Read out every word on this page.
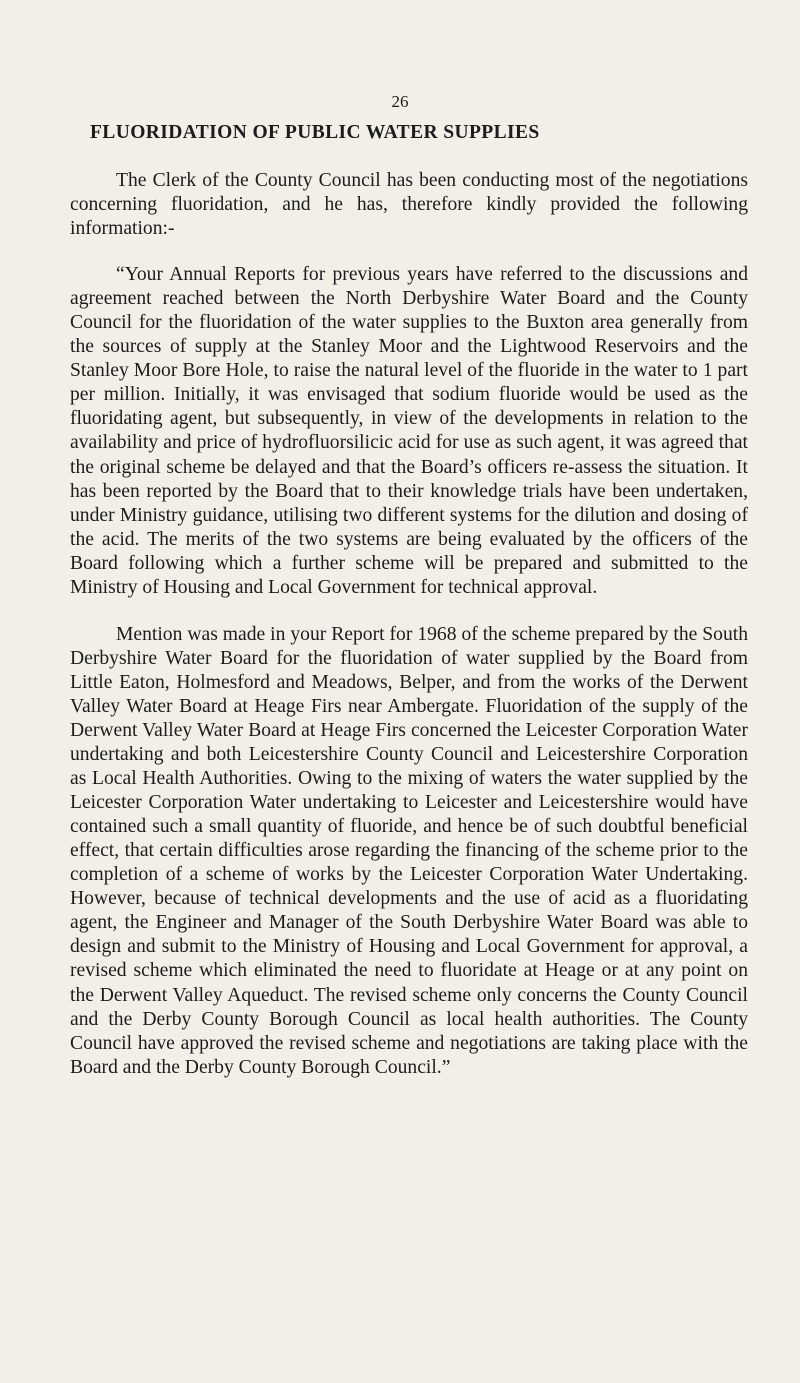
26

FLUORIDATION OF PUBLIC WATER SUPPLIES

The Clerk of the County Council has been conducting most of the negotiations concerning fluoridation, and he has, therefore kindly provided the following information:-

“Your Annual Reports for previous years have referred to the discussions and agreement reached between the North Derbyshire Water Board and the County Council for the fluoridation of the water supplies to the Buxton area generally from the sources of supply at the Stanley Moor and the Lightwood Reservoirs and the Stanley Moor Bore Hole, to raise the natural level of the fluoride in the water to 1 part per million. Initially, it was envisaged that sodium fluoride would be used as the fluoridating agent, but subsequently, in view of the developments in relation to the availability and price of hydrofluorsilicic acid for use as such agent, it was agreed that the original scheme be delayed and that the Board’s officers re-assess the situation. It has been reported by the Board that to their knowledge trials have been undertaken, under Ministry guidance, utilising two different systems for the dilution and dosing of the acid. The merits of the two systems are being evaluated by the officers of the Board following which a further scheme will be prepared and submitted to the Ministry of Housing and Local Government for technical approval.

Mention was made in your Report for 1968 of the scheme prepared by the South Derbyshire Water Board for the fluoridation of water supplied by the Board from Little Eaton, Holmesford and Meadows, Belper, and from the works of the Derwent Valley Water Board at Heage Firs near Ambergate. Fluoridation of the supply of the Derwent Valley Water Board at Heage Firs concerned the Leicester Corporation Water undertaking and both Leicestershire County Council and Leicestershire Corporation as Local Health Authorities. Owing to the mixing of waters the water supplied by the Leicester Corporation Water undertaking to Leicester and Leicestershire would have contained such a small quantity of fluoride, and hence be of such doubtful beneficial effect, that certain difficulties arose regarding the financing of the scheme prior to the completion of a scheme of works by the Leicester Corporation Water Undertaking. However, because of technical developments and the use of acid as a fluoridating agent, the Engineer and Manager of the South Derbyshire Water Board was able to design and submit to the Ministry of Housing and Local Government for approval, a revised scheme which eliminated the need to fluoridate at Heage or at any point on the Derwent Valley Aqueduct. The revised scheme only concerns the County Council and the Derby County Borough Council as local health authorities. The County Council have approved the revised scheme and negotiations are taking place with the Board and the Derby County Borough Council.”
